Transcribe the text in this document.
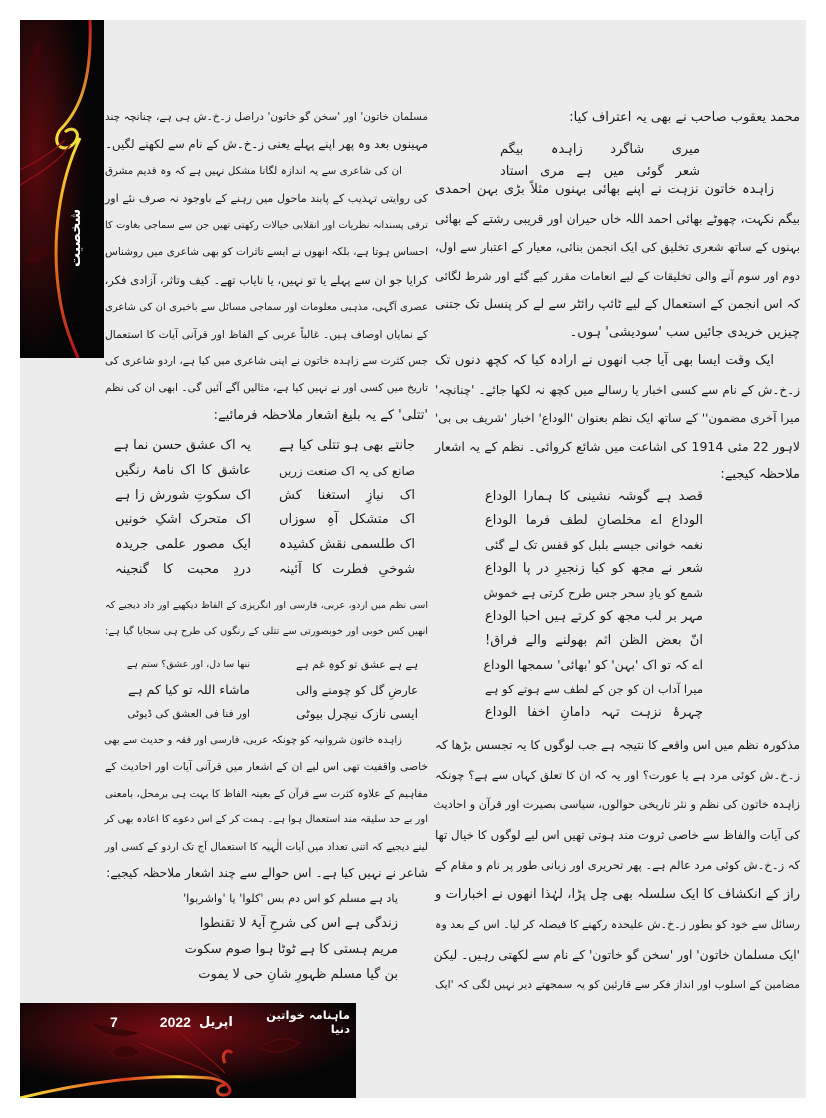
شخصیت
ماہنامہ خواتین دنیا
اپریل
2022
7
محمد یعقوب صاحب نے بھی یہ اعتراف کیا:
میری شاگرد زاہدہ بیگم
شعر گوئی میں ہے مری استاد
زاہدہ خاتون نزہت نے اپنے بھائی بہنوں مثلاً بڑی بہن احمدی
بیگم نکہت، چھوٹے بھائی احمد اللہ خاں حیران اور قریبی رشتے کے بھائی
بہنوں کے ساتھ شعری تخلیق کی ایک انجمن بنائی، معیار کے اعتبار سے اول،
دوم اور سوم آنے والی تخلیقات کے لیے انعامات مقرر کیے گئے اور شرط لگائی
کہ اس انجمن کے استعمال کے لیے ٹائپ رائٹر سے لے کر پنسل تک جتنی
چیزیں خریدی جائیں سب 'سودیشی' ہوں۔
ایک وقت ایسا بھی آیا جب انھوں نے ارادہ کیا کہ کچھ دنوں تک
ز۔خ۔ش کے نام سے کسی اخبار یا رسالے میں کچھ نہ لکھا جائے۔ 'چنانچہ'
میرا آخری مضمون'' کے ساتھ ایک نظم بعنوان 'الوداع' اخبار 'شریف بی بی'
لاہور 22 مئی 1914 کی اشاعت میں شائع کروائی۔ نظم کے یہ اشعار
ملاحظہ کیجیے:
قصد ہے گوشہ نشینی کا ہمارا الوداع
الوداع اے مخلصانِ لطف فرما الوداع
نغمہ خوانی جیسے بلبل کو قفس تک لے گئی
شعر نے مجھ کو کیا زنجیرِ در پا الوداع
شمع کو یادِ سحر جس طرح کرتی ہے خموش
مہر بر لب مجھ کو کرتے ہیں احبا الوداع
انّ بعض الظن اثم بھولنے والے فراق!
اے کہ تو اک 'بہن' کو 'بھائی' سمجھا الوداع
میرا آداب ان کو جن کے لطف سے ہوتے کو ہے
چہرۂ نزہت تہہ دامانِ اخفا الوداع
مذکورہ نظم میں اس واقعے کا نتیجہ ہے جب لوگوں کا یہ تجسس بڑھا کہ
ز۔خ۔ش کوئی مرد ہے یا عورت؟ اور یہ کہ ان کا تعلق کہاں سے ہے؟ چونکہ
زاہدہ خاتون کی نظم و نثر تاریخی حوالوں، سیاسی بصیرت اور قرآن و احادیث
کی آیات والفاظ سے خاصی ثروت مند ہوتی تھیں اس لیے لوگوں کا خیال تھا
کہ ز۔خ۔ش کوئی مرد عالم ہے۔ پھر تحریری اور زبانی طور پر نام و مقام کے
راز کے انکشاف کا ایک سلسلہ بھی چل پڑا، لہٰذا انھوں نے اخبارات و
رسائل سے خود کو بطور ز۔خ۔ش علیحدہ رکھنے کا فیصلہ کر لیا۔ اس کے بعد وہ
'ایک مسلمان خاتون' اور 'سخن گو خاتون' کے نام سے لکھتی رہیں۔ لیکن
مضامین کے اسلوب اور انداز فکر سے قارئین کو یہ سمجھتے دیر نہیں لگی کہ 'ایک
مسلمان خاتون' اور 'سخن گو خاتون' دراصل ز۔خ۔ش ہی ہے، چنانچہ چند
مہینوں بعد وہ پھر اپنے پہلے یعنی ز۔خ۔ش کے نام سے لکھنے لگیں۔
ان کی شاعری سے یہ اندازہ لگانا مشکل نہیں ہے کہ وہ قدیم مشرق
کی روایتی تہذیب کے پابند ماحول میں رہنے کے باوجود نہ صرف نئے اور
ترقی پسندانہ نظریات اور انقلابی خیالات رکھتی تھیں جن سے سماجی بغاوت کا
احساس ہوتا ہے، بلکہ انھوں نے ایسے تاثرات کو بھی شاعری میں روشناس
کرایا جو ان سے پہلے یا تو نہیں، یا نایاب تھے۔ کیف وتاثر، آزادی فکر،
عصری آگہی، مذہبی معلومات اور سماجی مسائل سے باخبری ان کی شاعری
کے نمایاں اوصاف ہیں۔ غالباً عربی کے الفاظ اور قرآنی آیات کا استعمال
جس کثرت سے زاہدہ خاتون نے اپنی شاعری میں کیا ہے، اردو شاعری کی
تاریخ میں کسی اور نے نہیں کیا ہے، مثالیں آگے آئیں گی۔ ابھی ان کی نظم
'تتلی' کے یہ بلیغ اشعار ملاحظہ فرمائیے:
جانتے بھی ہو تتلی کیا ہے
یہ اک عشق حسن نما ہے
صانع کی یہ اک صنعت زریں
عاشق کا اک نامۂ رنگیں
اک نیازِ استغنا کش
اک سکوتِ شورش زا ہے
اک متشکل آہِ سوزاں
اک متحرک اشکِ خونیں
اک طلسمی نقش کشیدہ
ایک مصور علمی جریدہ
شوخیِ فطرت کا آئینہ
دردِ محبت کا گنجینہ
اسی نظم میں اردو، عربی، فارسی اور انگریزی کے الفاظ دیکھیے اور داد دیجیے کہ
انھیں کس خوبی اور خوبصورتی سے تتلی کے رنگوں کی طرح ہی سجایا گیا ہے:
ہے ہے عشق تو کوہِ غم ہے
ننھا سا دل، اور عشق؟ ستم ہے
عارضِ گل کو چومنے والی
ماشاء اللہ تو کیا کم ہے
ایسی نازک نیچرل بیوٹی
اور فنا فی العشق کی ڈیوٹی
زاہدہ خاتون شروانیہ کو چونکہ عربی، فارسی اور فقہ و حدیث سے بھی
خاصی واقفیت تھی اس لیے ان کے اشعار میں قرآنی آیات اور احادیث کے
مفاہیم کے علاوہ کثرت سے قرآن کے بعینہ الفاظ کا بہت ہی برمحل، بامعنی
اور بے حد سلیقہ مند استعمال ہوا ہے۔ ہمت کر کے اس دعوے کا اعادہ بھی کر
لینے دیجیے کہ اتنی تعداد میں آیات الٰہیہ کا استعمال آج تک اردو کے کسی اور
شاعر نے نہیں کیا ہے۔ اس حوالے سے چند اشعار ملاحظہ کیجیے:
یاد ہے مسلم کو اس دم بس 'کلوا' یا 'واشربوا'
زندگی ہے اس کی شرحِ آیۂ لا تقنطوا
مریم ہستی کا ہے ٹوٹا ہوا صوم سکوت
بن گیا مسلم ظہورِ شانِ حی لا یموت
